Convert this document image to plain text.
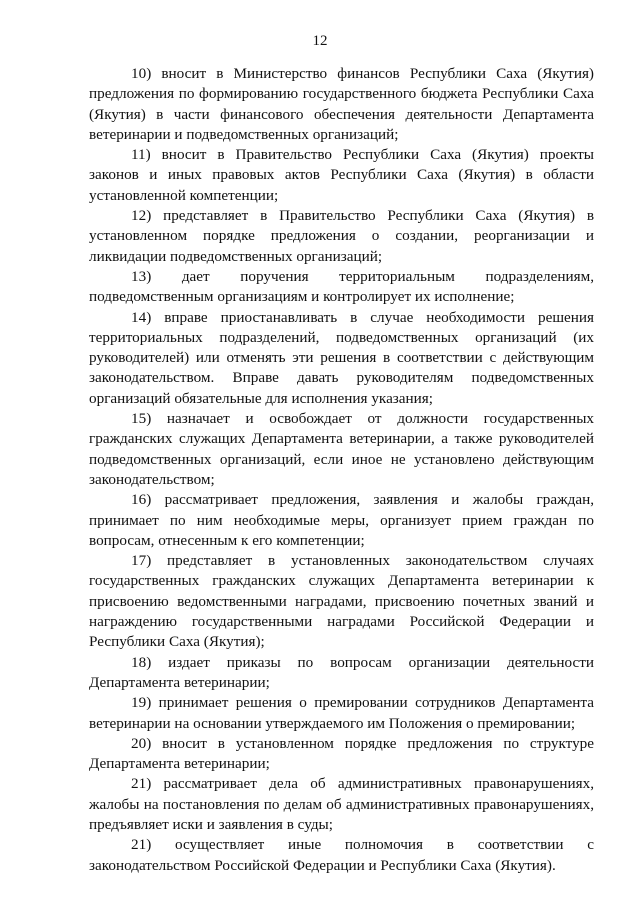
12

10) вносит в Министерство финансов Республики Саха (Якутия) предложения по формированию государственного бюджета Республики Саха (Якутия) в части финансового обеспечения деятельности Департамента ветеринарии и подведомственных организаций;

11) вносит в Правительство Республики Саха (Якутия) проекты законов и иных правовых актов Республики Саха (Якутия) в области установленной компетенции;

12) представляет в Правительство Республики Саха (Якутия) в установленном порядке предложения о создании, реорганизации и ликвидации подведомственных организаций;

13) дает поручения территориальным подразделениям, подведомственным организациям и контролирует их исполнение;

14) вправе приостанавливать в случае необходимости решения территориальных подразделений, подведомственных организаций (их руководителей) или отменять эти решения в соответствии с действующим законодательством. Вправе давать руководителям подведомственных организаций обязательные для исполнения указания;

15) назначает и освобождает от должности государственных гражданских служащих Департамента ветеринарии, а также руководителей подведомственных организаций, если иное не установлено действующим законодательством;

16) рассматривает предложения, заявления и жалобы граждан, принимает по ним необходимые меры, организует прием граждан по вопросам, отнесенным к его компетенции;

17) представляет в установленных законодательством случаях государственных гражданских служащих Департамента ветеринарии к присвоению ведомственными наградами, присвоению почетных званий и награждению государственными наградами Российской Федерации и Республики Саха (Якутия);

18) издает приказы по вопросам организации деятельности Департамента ветеринарии;

19) принимает решения о премировании сотрудников Департамента ветеринарии на основании утверждаемого им Положения о премировании;

20) вносит в установленном порядке предложения по структуре Департамента ветеринарии;

21) рассматривает дела об административных правонарушениях, жалобы на постановления по делам об административных правонарушениях, предъявляет иски и заявления в суды;

21) осуществляет иные полномочия в соответствии с законодательством Российской Федерации и Республики Саха (Якутия).
